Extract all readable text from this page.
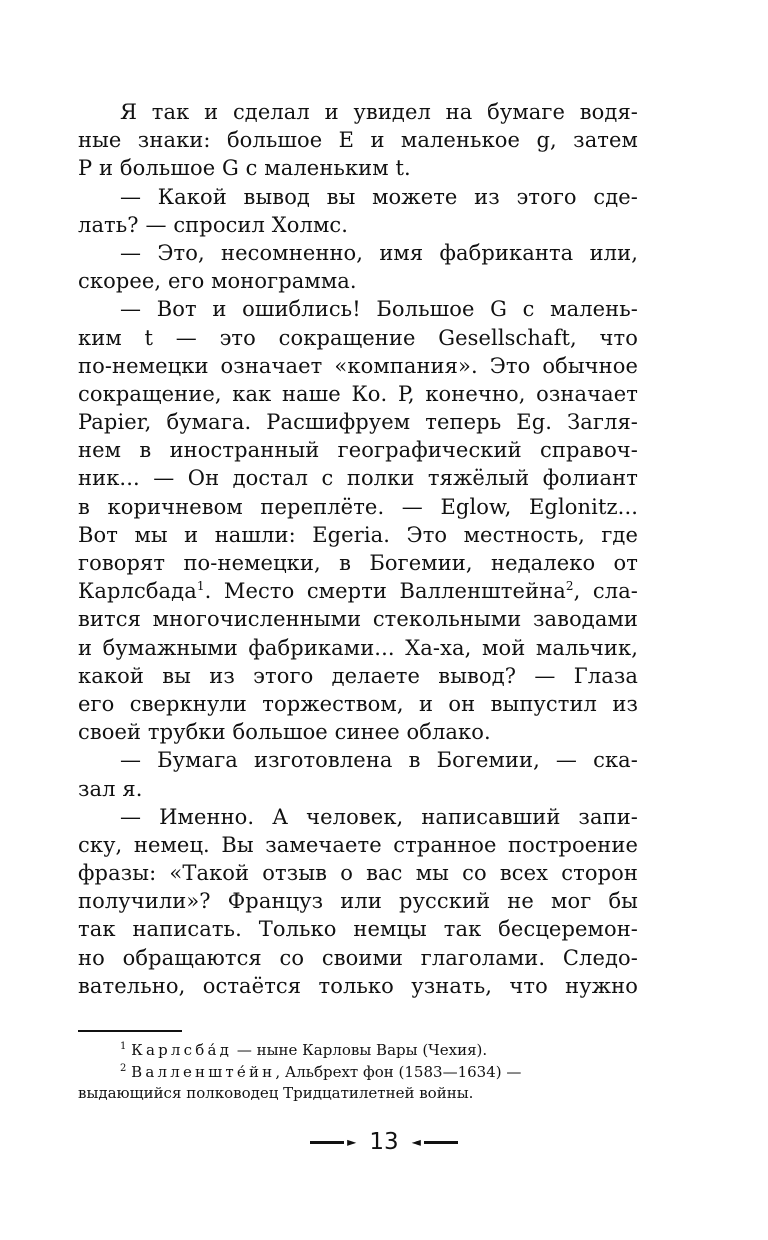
Я так и сделал и увидел на бумаге водя-
ные знаки: большое E и маленькое g, затем
P и большое G с маленьким t.
— Какой вывод вы можете из этого сде-
лать? — спросил Холмс.
— Это, несомненно, имя фабриканта или,
скорее, его монограмма.
— Вот и ошиблись! Большое G с малень-
ким t — это сокращение Gesellschaft, что
по-немецки означает «компания». Это обычное
сокращение, как наше Ко. P, конечно, означает
Papier, бумага. Расшифруем теперь Eg. Загля-
нем в иностранный географический справоч-
ник... — Он достал с полки тяжёлый фолиант
в коричневом переплёте. — Eglow, Eglonitz...
Вот мы и нашли: Egeria. Это местность, где
говорят по-немецки, в Богемии, недалеко от
Карлсбада$^1$. Место смерти Валленштейна$^2$, сла-
вится многочисленными стекольными заводами
и бумажными фабриками... Ха-ха, мой мальчик,
какой вы из этого делаете вывод? — Глаза
его сверкнули торжеством, и он выпустил из
своей трубки большое синее облако.
— Бумага изготовлена в Богемии, — ска-
зал я.
— Именно. А человек, написавший запи-
ску, немец. Вы замечаете странное построение
фразы: «Такой отзыв о вас мы со всех сторон
получили»? Француз или русский не мог бы
так написать. Только немцы так бесцеремон-
но обращаются со своими глаголами. Следо-
вательно, остаётся только узнать, что нужно
$^1$ Карлсба́д — ныне Карловы Вары (Чехия).
$^2$ Валленште́йн, Альбрехт фон (1583—1634) —
выдающийся полководец Тридцатилетней войны.
► 13 ◄
